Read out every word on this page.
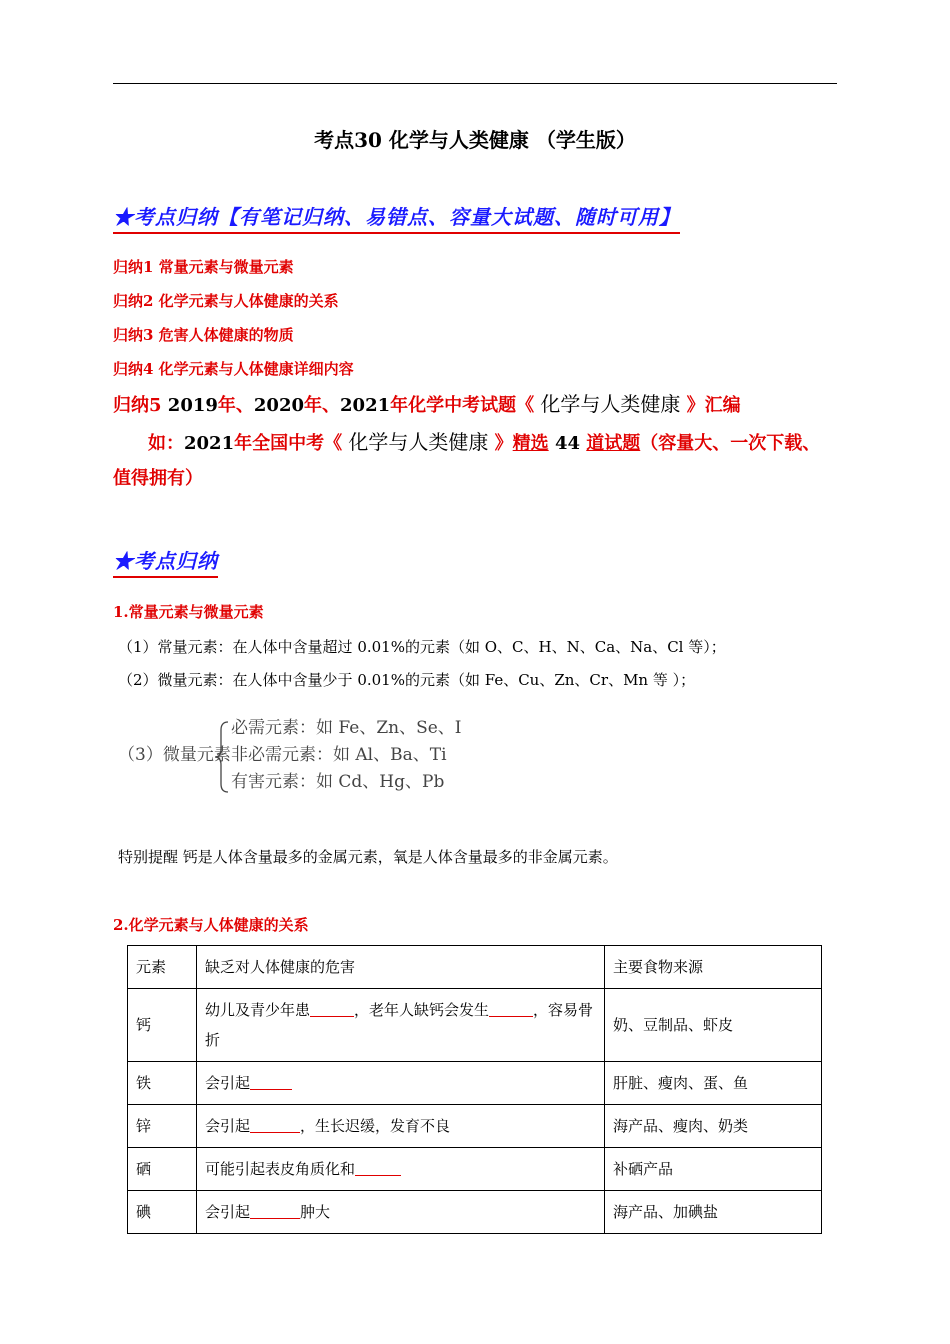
考点30 化学与人类健康 （学生版）
★考点归纳【有笔记归纳、易错点、容量大试题、随时可用】
归纳1 常量元素与微量元素
归纳2 化学元素与人体健康的关系
归纳3 危害人体健康的物质
归纳4 化学元素与人体健康详细内容
归纳5 2019年、2020年、2021年化学中考试题《 化学与人类健康 》汇编
如：2021年全国中考《 化学与人类健康 》精选 44 道试题（容量大、一次下载、
值得拥有）
★考点归纳
1.常量元素与微量元素
（1）常量元素：在人体中含量超过 0.01%的元素（如 O、C、H、N、Ca、Na、Cl 等）；
（2）微量元素：在人体中含量少于 0.01%的元素（如 Fe、Cu、Zn、Cr、Mn 等 ）；
（3）微量元素
必需元素：如 Fe、Zn、Se、I
非必需元素：如 Al、Ba、Ti
有害元素：如 Cd、Hg、Pb
特别提醒 钙是人体含量最多的金属元素，氧是人体含量最多的非金属元素。
2.化学元素与人体健康的关系
元素	缺乏对人体健康的危害	主要食物来源
钙	幼儿及青少年患 ，老年人缺钙会发生 ，容易骨折	奶、豆制品、虾皮
铁	会引起	肝脏、瘦肉、蛋、鱼
锌	会引起 ，生长迟缓，发育不良	海产品、瘦肉、奶类
硒	可能引起表皮角质化和	补硒产品
碘	会引起 肿大	海产品、加碘盐
